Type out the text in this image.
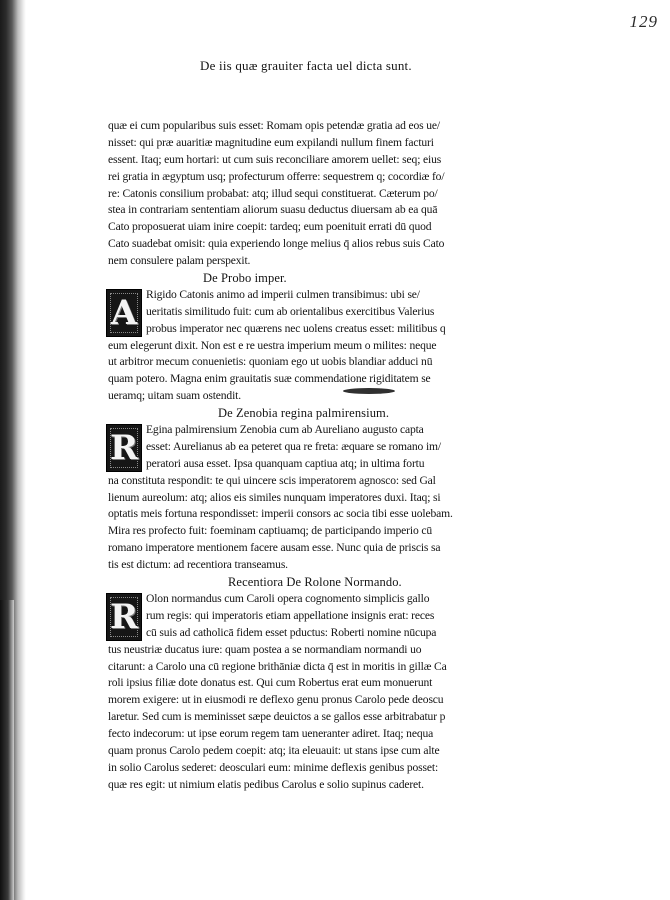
129
De iis quæ grauiter facta uel dicta sunt.
quæ ei cum popularibus suis esset: Romam opis petendæ gratia ad eos ue/
nisset: qui præ auaritiæ magnitudine eum expilandi nullum finem facturi
essent. Itaq; eum hortari: ut cum suis reconciliare amorem uellet: seq; eius
rei gratia in ægyptum usq; profecturum offerre: sequestrem q; cocordiæ fo/
re: Catonis consilium probabat: atq; illud sequi constituerat. Cæterum po/
stea in contrariam sententiam aliorum suasu deductus diuersam ab ea quā
Cato proposuerat uiam inire coepit: tardeq; eum poenituit errati dū quod
Cato suadebat omisit: quia experiendo longe melius q̄ alios rebus suis Cato
nem consulere palam perspexit.
De Probo imper.
A Rigido Catonis animo ad imperii culmen transibimus: ubi se/
ueritatis similitudo fuit: cum ab orientalibus exercitibus Valerius
probus imperator nec quærens nec uolens creatus esset: militibus q
eum elegerunt dixit. Non est e re uestra imperium meum o milites: neque
ut arbitror mecum conuenietis: quoniam ego ut uobis blandiar adduci nū
quam potero. Magna enim grauitatis suæ commendatione rigiditatem se
ueramq; uitam suam ostendit.
De Zenobia regina palmirensium.
R Egina palmirensium Zenobia cum ab Aureliano augusto capta
esset: Aurelianus ab ea peteret qua re freta: æquare se romano im/
peratori ausa esset. Ipsa quanquam captiua atq; in ultima fortu
na constituta respondit: te qui uincere scis imperatorem agnosco: sed Gal
lienum aureolum: atq; alios eis similes nunquam imperatores duxi. Itaq; si
optatis meis fortuna respondisset: imperii consors ac socia tibi esse uolebam.
Mira res profecto fuit: foeminam captiuamq; de participando imperio cū
romano imperatore mentionem facere ausam esse. Nunc quia de priscis sa
tis est dictum: ad recentiora transeamus.
Recentiora De Rolone Normando.
R Olon normandus cum Caroli opera cognomento simplicis gallo
rum regis: qui imperatoris etiam appellatione insignis erat: reces
cū suis ad catholicā fidem esset pductus: Roberti nomine nūcupa
tus neustriæ ducatus iure: quam postea a se normandiam normandi uo
citarunt: a Carolo una cū regione brithāniæ dicta q̄ est in moritis in gillæ Ca
roli ipsius filiæ dote donatus est. Qui cum Robertus erat eum monuerunt
morem exigere: ut in eiusmodi re deflexo genu pronus Carolo pede deoscu
laretur. Sed cum is meminisset sæpe deuictos a se gallos esse arbitrabatur p
fecto indecorum: ut ipse eorum regem tam ueneranter adiret. Itaq; nequa
quam pronus Carolo pedem coepit: atq; ita eleuauit: ut stans ipse cum alte
in solio Carolus sederet: deosculari eum: minime deflexis genibus posset:
quæ res egit: ut nimium elatis pedibus Carolus e solio supinus caderet.
